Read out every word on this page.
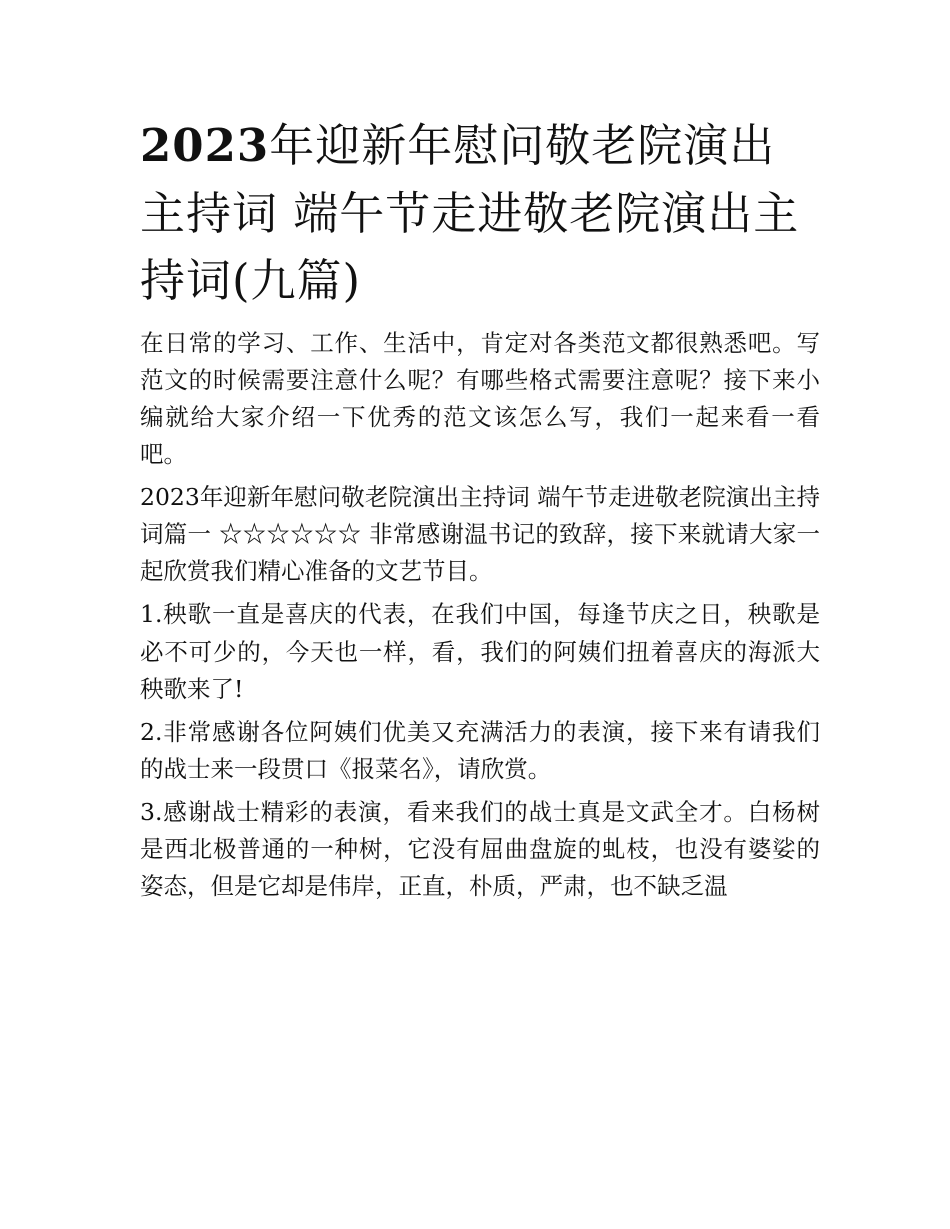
2023年迎新年慰问敬老院演出主持词 端午节走进敬老院演出主持词(九篇)

在日常的学习、工作、生活中，肯定对各类范文都很熟悉吧。写范文的时候需要注意什么呢？有哪些格式需要注意呢？接下来小编就给大家介绍一下优秀的范文该怎么写，我们一起来看一看吧。

2023年迎新年慰问敬老院演出主持词 端午节走进敬老院演出主持词篇一 ☆☆☆☆☆☆ 非常感谢温书记的致辞，接下来就请大家一起欣赏我们精心准备的文艺节目。

1.秧歌一直是喜庆的代表，在我们中国，每逢节庆之日，秧歌是必不可少的，今天也一样，看，我们的阿姨们扭着喜庆的海派大秧歌来了!

2.非常感谢各位阿姨们优美又充满活力的表演，接下来有请我们的战士来一段贯口《报菜名》，请欣赏。

3.感谢战士精彩的表演，看来我们的战士真是文武全才。白杨树是西北极普通的一种树，它没有屈曲盘旋的虬枝，也没有婆娑的姿态，但是它却是伟岸，正直，朴质，严肃，也不缺乏温
